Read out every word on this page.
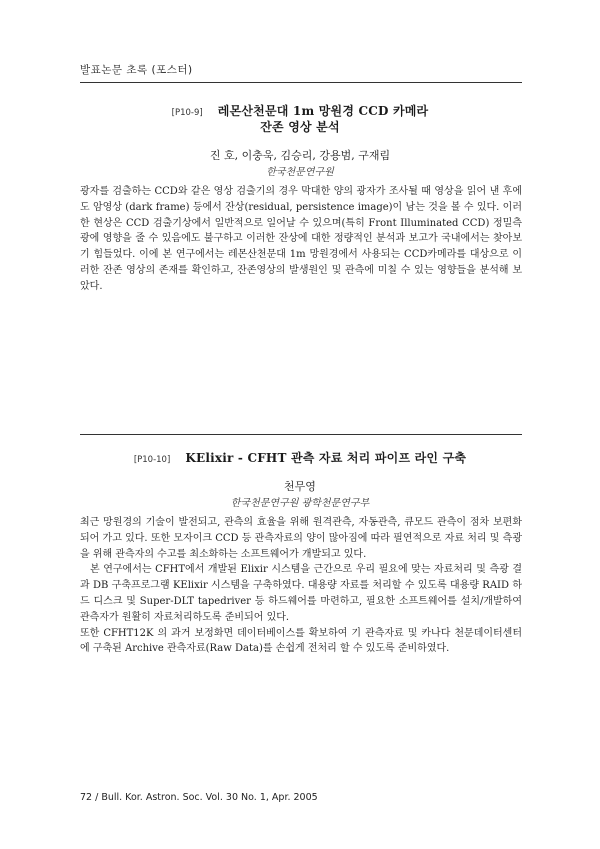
발표논문 초록 (포스터)
[P10-9] 레몬산천문대 1m 망원경 CCD 카메라
잔존 영상 분석
진 호, 이충욱, 김승리, 강용범, 구재림
한국천문연구원

광자를 검출하는 CCD와 같은 영상 검출기의 경우 막대한 양의 광자가 조사될 때 영상을 읽어 낸 후에도 암영상 (dark frame) 등에서 잔상(residual, persistence image)이 남는 것을 볼 수 있다. 이러한 현상은 CCD 검출기상에서 일반적으로 일어날 수 있으며(특히 Front Illuminated CCD) 정밀측광에 영향을 줄 수 있음에도 불구하고 이러한 잔상에 대한 정량적인 분석과 보고가 국내에서는 찾아보기 힘들었다. 이에 본 연구에서는 레몬산천문대 1m 망원경에서 사용되는 CCD카메라를 대상으로 이러한 잔존 영상의 존재를 확인하고, 잔존영상의 발생원인 및 관측에 미칠 수 있는 영향들을 분석해 보았다.

[P10-10] KElixir - CFHT 관측 자료 처리 파이프 라인 구축
천무영
한국천문연구원 광학천문연구부

최근 망원경의 기술이 발전되고, 관측의 효율을 위해 원격관측, 자동관측, 큐모드 관측이 점차 보편화 되어 가고 있다. 또한 모자이크 CCD 등 관측자료의 양이 많아짐에 따라 필연적으로 자료 처리 및 측광을 위해 관측자의 수고를 최소화하는 소프트웨어가 개발되고 있다.

본 연구에서는 CFHT에서 개발된 Elixir 시스템을 근간으로 우리 필요에 맞는 자료처리 및 측광 결과 DB 구축프로그램 KElixir 시스템을 구축하였다. 대용량 자료를 처리할 수 있도록 대용량 RAID 하드 디스크 및 Super-DLT tapedriver 등 하드웨어를 마련하고, 필요한 소프트웨어를 설치/개발하여 관측자가 원활히 자료처리하도록 준비되어 있다.

또한 CFHT12K 의 과거 보정화면 데이터베이스를 확보하여 기 관측자료 및 카나다 천문데이터센터에 구축된 Archive 관측자료(Raw Data)를 손쉽게 전처리 할 수 있도록 준비하였다.

72 / Bull. Kor. Astron. Soc. Vol. 30 No. 1, Apr. 2005
